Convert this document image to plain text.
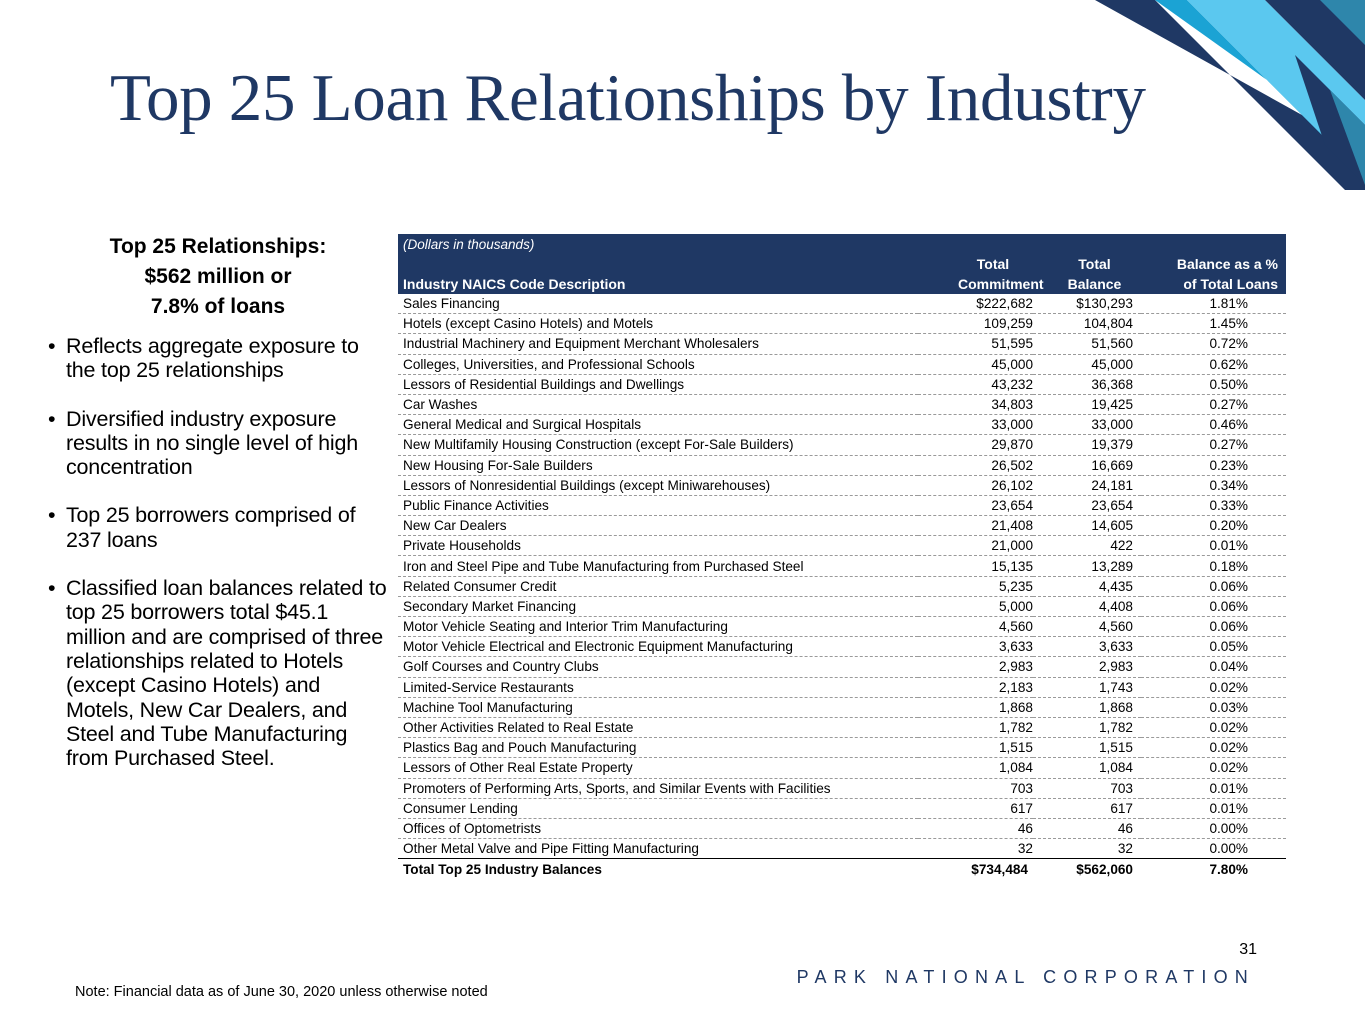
Top 25 Loan Relationships by Industry
Top 25 Relationships:
$562 million or
7.8% of loans
• Reflects aggregate exposure to the top 25 relationships
• Diversified industry exposure results in no single level of high concentration
• Top 25 borrowers comprised of 237 loans
• Classified loan balances related to top 25 borrowers total $45.1 million and are comprised of three relationships related to Hotels (except Casino Hotels) and Motels, New Car Dealers, and Steel and Tube Manufacturing from Purchased Steel.
(Dollars in thousands)			
	Total	Total	Balance as a %
Industry NAICS Code Description	Commitment	Balance	of Total Loans
Sales Financing	$222,682	$130,293	1.81%
Hotels (except Casino Hotels) and Motels	109,259	104,804	1.45%
Industrial Machinery and Equipment Merchant Wholesalers	51,595	51,560	0.72%
Colleges, Universities, and Professional Schools	45,000	45,000	0.62%
Lessors of Residential Buildings and Dwellings	43,232	36,368	0.50%
Car Washes	34,803	19,425	0.27%
General Medical and Surgical Hospitals	33,000	33,000	0.46%
New Multifamily Housing Construction (except For-Sale Builders)	29,870	19,379	0.27%
New Housing For-Sale Builders	26,502	16,669	0.23%
Lessors of Nonresidential Buildings (except Miniwarehouses)	26,102	24,181	0.34%
Public Finance Activities	23,654	23,654	0.33%
New Car Dealers	21,408	14,605	0.20%
Private Households	21,000	422	0.01%
Iron and Steel Pipe and Tube Manufacturing from Purchased Steel	15,135	13,289	0.18%
Related Consumer Credit	5,235	4,435	0.06%
Secondary Market Financing	5,000	4,408	0.06%
Motor Vehicle Seating and Interior Trim Manufacturing	4,560	4,560	0.06%
Motor Vehicle Electrical and Electronic Equipment Manufacturing	3,633	3,633	0.05%
Golf Courses and Country Clubs	2,983	2,983	0.04%
Limited-Service Restaurants	2,183	1,743	0.02%
Machine Tool Manufacturing	1,868	1,868	0.03%
Other Activities Related to Real Estate	1,782	1,782	0.02%
Plastics Bag and Pouch Manufacturing	1,515	1,515	0.02%
Lessors of Other Real Estate Property	1,084	1,084	0.02%
Promoters of Performing Arts, Sports, and Similar Events with Facilities	703	703	0.01%
Consumer Lending	617	617	0.01%
Offices of Optometrists	46	46	0.00%
Other Metal Valve and Pipe Fitting Manufacturing	32	32	0.00%
Total Top 25 Industry Balances	$734,484	$562,060	7.80%
31
PARK NATIONAL CORPORATION
Note: Financial data as of June 30, 2020 unless otherwise noted
